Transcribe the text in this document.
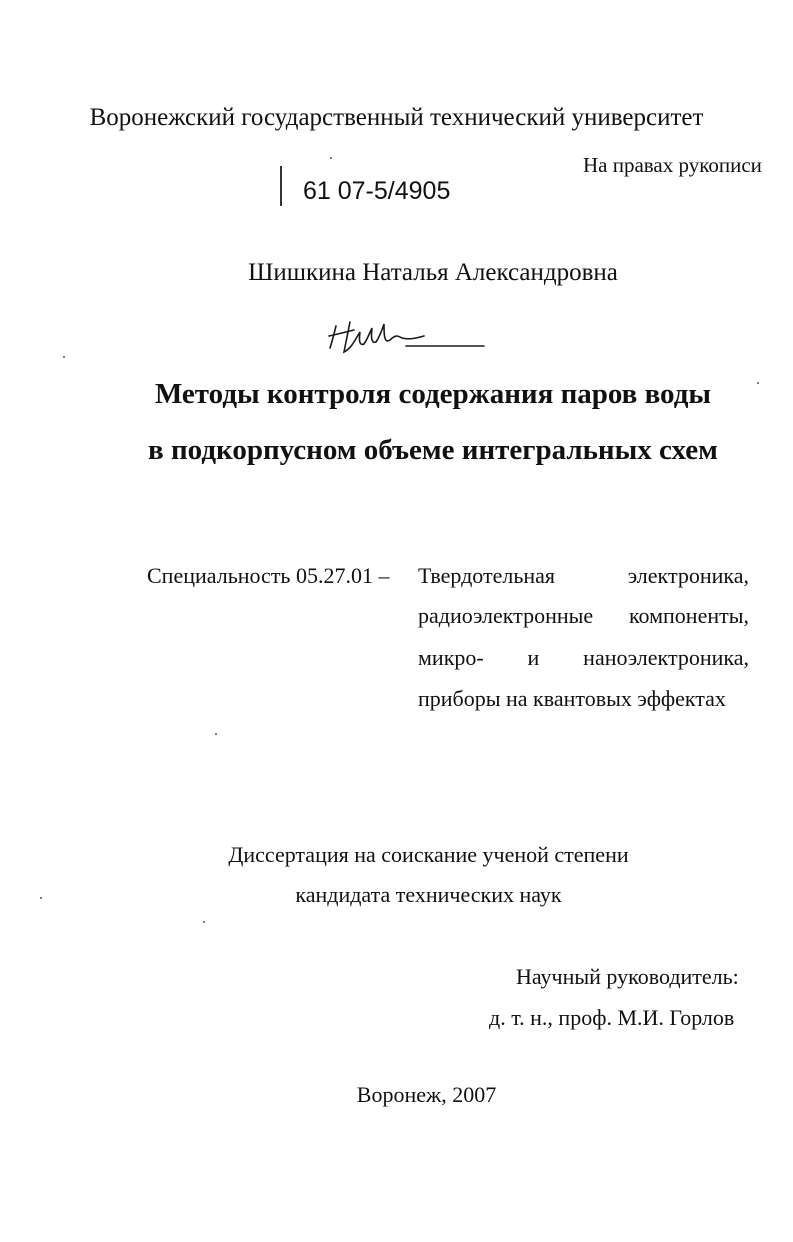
Воронежский государственный технический университет
На правах рукописи
61 07-5/4905
Шишкина Наталья Александровна
Методы контроля содержания паров воды
в подкорпусном объеме интегральных схем
Специальность 05.27.01 – Твердотельная электроника,
радиоэлектронные компоненты,
микро- и наноэлектроника,
приборы на квантовых эффектах
Диссертация на соискание ученой степени
кандидата технических наук
Научный руководитель:
д. т. н., проф. М.И. Горлов
Воронеж, 2007
